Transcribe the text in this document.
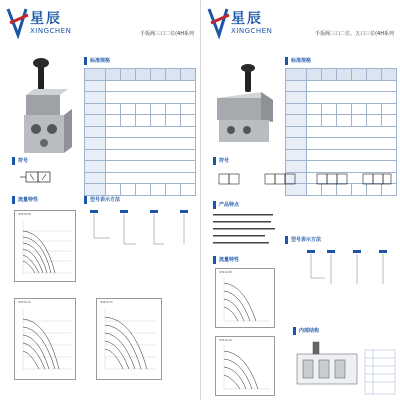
星辰
XINGCHEN	手扳阀三口二位(4H系列
标准规格

符号
流量特性
4H210-08
型号表示方法
4H310-10	4H410-15
星辰
XINGCHEN	手扳阀三口二位、五口三位(4H系列
标准规格

符号
产品特点
型号表示方法
流量特性
4H210-08
4H310-10
内部结构
